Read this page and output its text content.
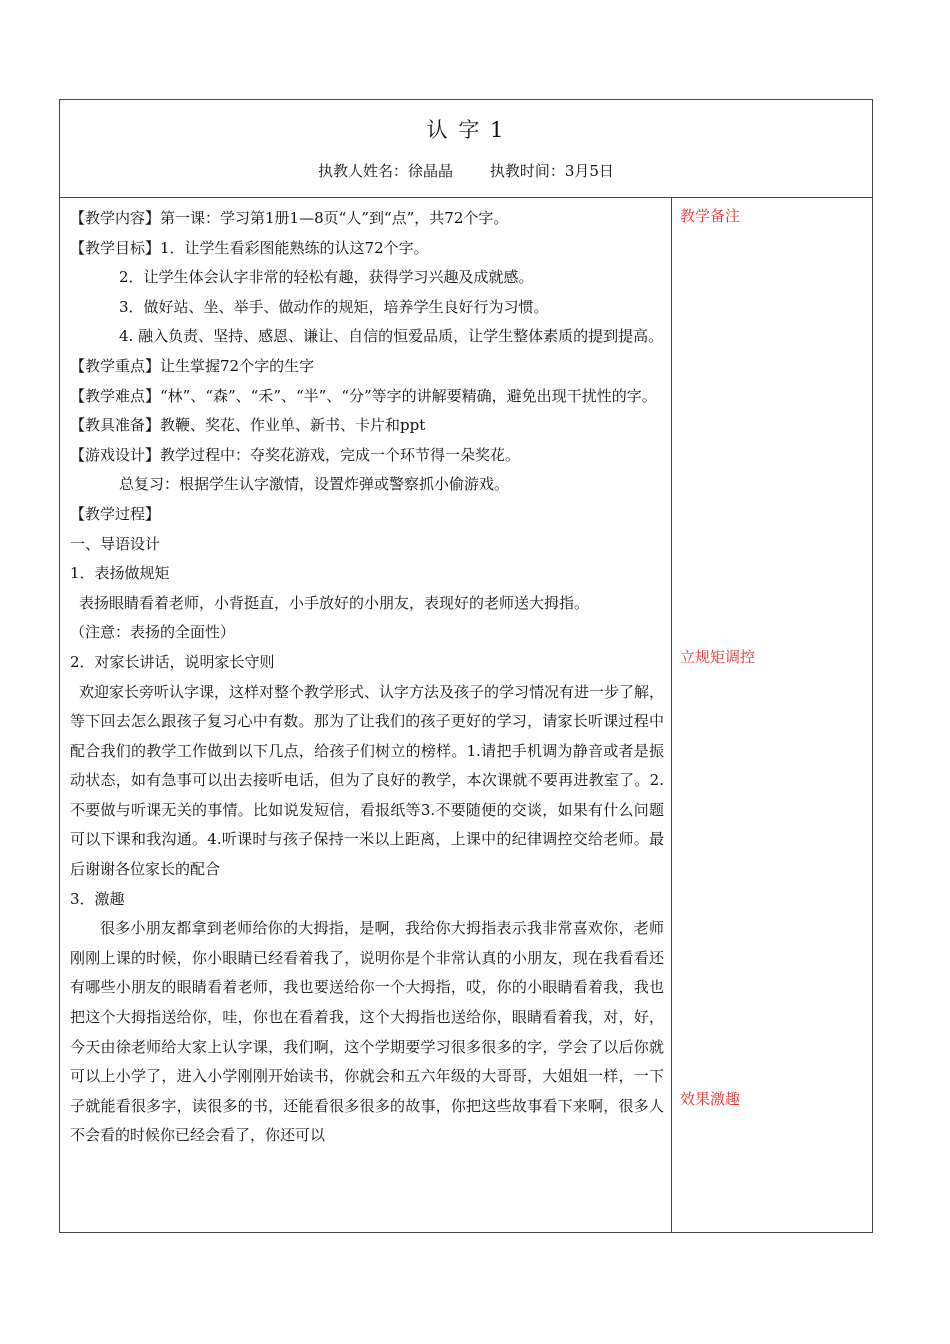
认 字 1
执教人姓名：徐晶晶 执教时间：3月5日

【教学内容】第一课：学习第1册1—8页“人”到“点”，共72个字。

【教学目标】1．让学生看彩图能熟练的认这72个字。

2．让学生体会认字非常的轻松有趣，获得学习兴趣及成就感。

3．做好站、坐、举手、做动作的规矩，培养学生良好行为习惯。

4. 融入负责、坚持、感恩、谦让、自信的恒爱品质，让学生整体素质的提到提高。

【教学重点】让生掌握72个字的生字

【教学难点】“林”、“森”、“禾”、“半”、“分”等字的讲解要精确，避免出现干扰性的字。

【教具准备】教鞭、奖花、作业单、新书、卡片和ppt

【游戏设计】教学过程中：夺奖花游戏，完成一个环节得一朵奖花。

总复习：根据学生认字激情，设置炸弹或警察抓小偷游戏。

【教学过程】

一、导语设计

1．表扬做规矩

表扬眼睛看着老师，小背挺直，小手放好的小朋友，表现好的老师送大拇指。

（注意：表扬的全面性）

2．对家长讲话，说明家长守则

欢迎家长旁听认字课，这样对整个教学形式、认字方法及孩子的学习情况有进一步了解，等下回去怎么跟孩子复习心中有数。那为了让我们的孩子更好的学习，请家长听课过程中配合我们的教学工作做到以下几点，给孩子们树立的榜样。1.请把手机调为静音或者是振动状态，如有急事可以出去接听电话，但为了良好的教学，本次课就不要再进教室了。2.不要做与听课无关的事情。比如说发短信，看报纸等3.不要随便的交谈，如果有什么问题可以下课和我沟通。4.听课时与孩子保持一米以上距离，上课中的纪律调控交给老师。最后谢谢各位家长的配合

3．激趣

很多小朋友都拿到老师给你的大拇指，是啊，我给你大拇指表示我非常喜欢你，老师刚刚上课的时候，你小眼睛已经看着我了，说明你是个非常认真的小朋友，现在我看看还有哪些小朋友的眼睛看着老师，我也要送给你一个大拇指，哎，你的小眼睛看着我，我也把这个大拇指送给你，哇，你也在看着我，这个大拇指也送给你，眼睛看着我，对，好，今天由徐老师给大家上认字课，我们啊，这个学期要学习很多很多的字，学会了以后你就可以上小学了，进入小学刚刚开始读书，你就会和五六年级的大哥哥，大姐姐一样，一下子就能看很多字，读很多的书，还能看很多很多的故事，你把这些故事看下来啊，很多人不会看的时候你已经会看了，你还可以

教学备注
立规矩调控
效果激趣
